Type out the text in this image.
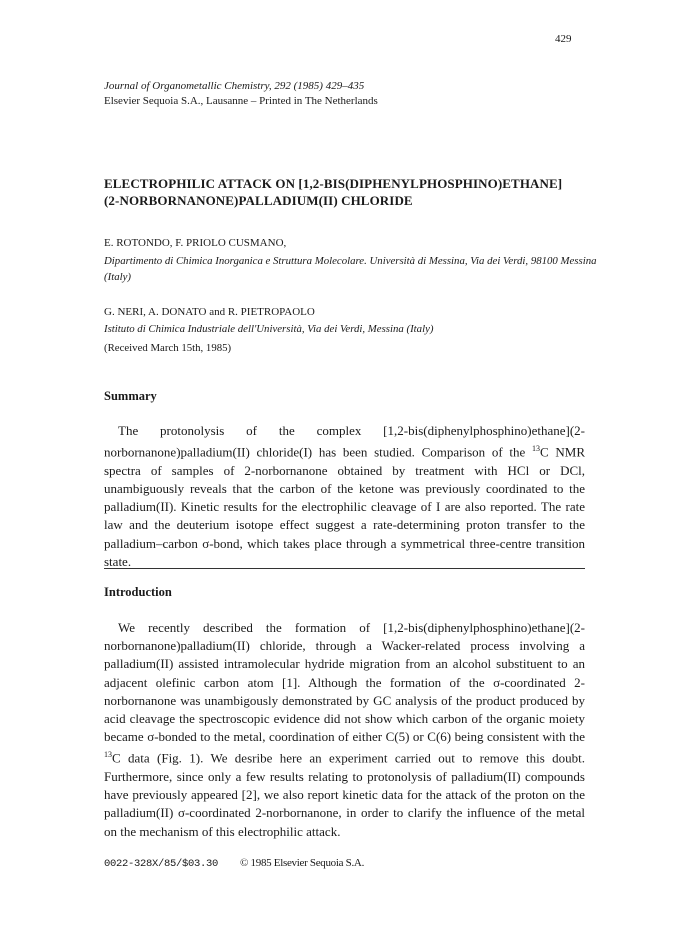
429
Journal of Organometallic Chemistry, 292 (1985) 429–435
Elsevier Sequoia S.A., Lausanne – Printed in The Netherlands
ELECTROPHILIC ATTACK ON [1,2-BIS(DIPHENYLPHOSPHINO)ETHANE]
(2-NORBORNANONE)PALLADIUM(II) CHLORIDE
E. ROTONDO, F. PRIOLO CUSMANO,
Dipartimento di Chimica Inorganica e Struttura Molecolare. Università di Messina, Via dei Verdi, 98100 Messina (Italy)
G. NERI, A. DONATO and R. PIETROPAOLO
Istituto di Chimica Industriale dell'Università, Via dei Verdi, Messina (Italy)
(Received March 15th, 1985)
Summary

The protonolysis of the complex [1,2-bis(diphenylphosphino)ethane](2-norbornanone)palladium(II) chloride(I) has been studied. Comparison of the $^{13}$C NMR spectra of samples of 2-norbornanone obtained by treatment with HCl or DCl, unambiguously reveals that the carbon of the ketone was previously coordinated to the palladium(II). Kinetic results for the electrophilic cleavage of I are also reported. The rate law and the deuterium isotope effect suggest a rate-determining proton transfer to the palladium–carbon σ-bond, which takes place through a symmetrical three-centre transition state.

Introduction

We recently described the formation of [1,2-bis(diphenylphosphino)ethane](2-norbornanone)palladium(II) chloride, through a Wacker-related process involving a palladium(II) assisted intramolecular hydride migration from an alcohol substituent to an adjacent olefinic carbon atom [1]. Although the formation of the σ-coordinated 2-norbornanone was unambigously demonstrated by GC analysis of the product produced by acid cleavage the spectroscopic evidence did not show which carbon of the organic moiety became σ-bonded to the metal, coordination of either C(5) or C(6) being consistent with the $^{13}$C data (Fig. 1). We desribe here an experiment carried out to remove this doubt. Furthermore, since only a few results relating to protonolysis of palladium(II) compounds have previously appeared [2], we also report kinetic data for the attack of the proton on the palladium(II) σ-coordinated 2-norbornanone, in order to clarify the influence of the metal on the mechanism of this electrophilic attack.

0022-328X/85/$03.30 © 1985 Elsevier Sequoia S.A.
